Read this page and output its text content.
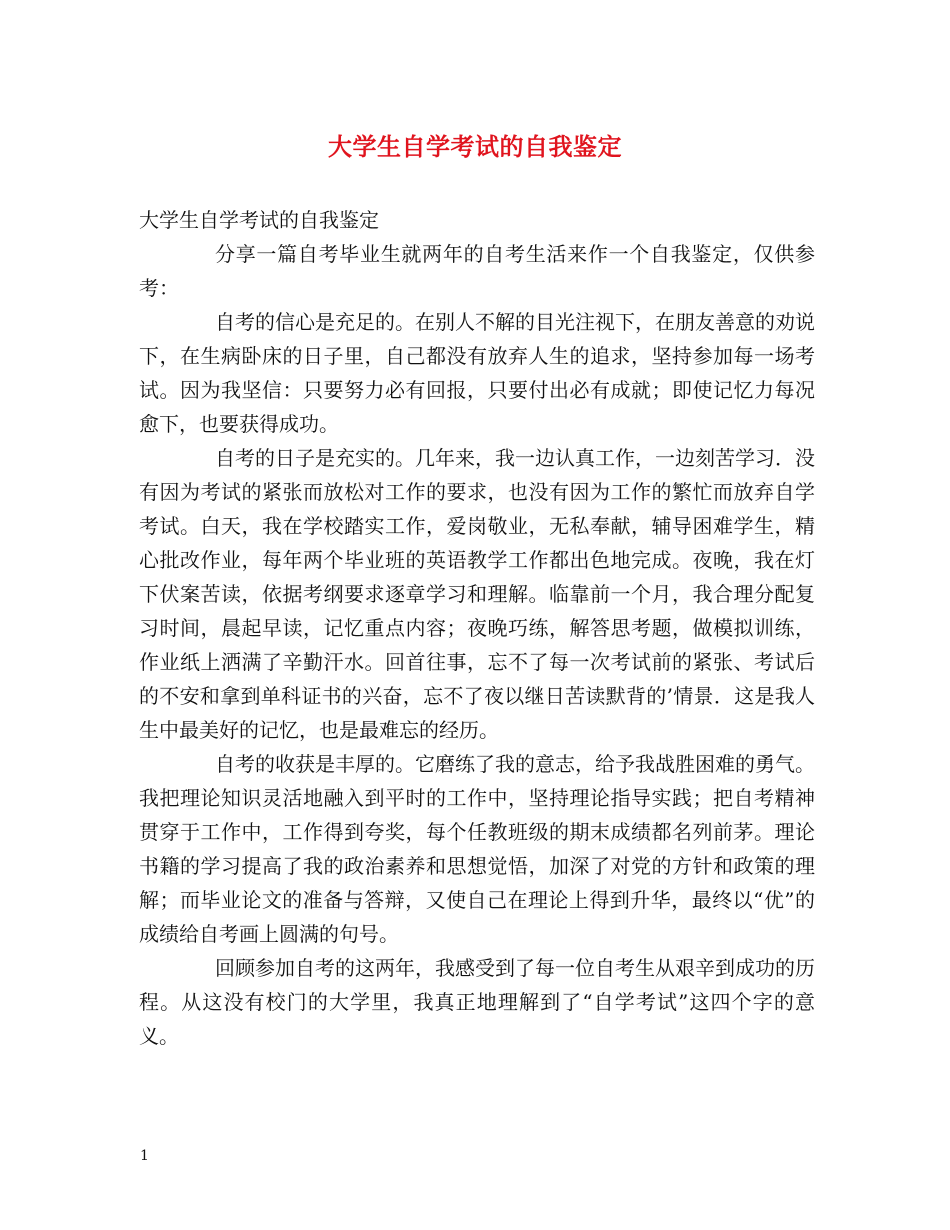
大学生自学考试的自我鉴定

大学生自学考试的自我鉴定

分享一篇自考毕业生就两年的自考生活来作一个自我鉴定，仅供参考：

自考的信心是充足的。在别人不解的目光注视下，在朋友善意的劝说下，在生病卧床的日子里，自己都没有放弃人生的追求，坚持参加每一场考试。因为我坚信：只要努力必有回报，只要付出必有成就；即使记忆力每况愈下，也要获得成功。

自考的日子是充实的。几年来，我一边认真工作，一边刻苦学习．没有因为考试的紧张而放松对工作的要求，也没有因为工作的繁忙而放弃自学考试。白天，我在学校踏实工作，爱岗敬业，无私奉献，辅导困难学生，精心批改作业，每年两个毕业班的英语教学工作都出色地完成。夜晚，我在灯下伏案苦读，依据考纲要求逐章学习和理解。临靠前一个月，我合理分配复习时间，晨起早读，记忆重点内容；夜晚巧练，解答思考题，做模拟训练，作业纸上洒满了辛勤汗水。回首往事，忘不了每一次考试前的紧张、考试后的不安和拿到单科证书的兴奋，忘不了夜以继日苦读默背的’情景．这是我人生中最美好的记忆，也是最难忘的经历。

自考的收获是丰厚的。它磨练了我的意志，给予我战胜困难的勇气。我把理论知识灵活地融入到平时的工作中，坚持理论指导实践；把自考精神贯穿于工作中，工作得到夸奖，每个任教班级的期末成绩都名列前茅。理论书籍的学习提高了我的政治素养和思想觉悟，加深了对党的方针和政策的理解；而毕业论文的准备与答辩，又使自己在理论上得到升华，最终以“优”的成绩给自考画上圆满的句号。

回顾参加自考的这两年，我感受到了每一位自考生从艰辛到成功的历程。从这没有校门的大学里，我真正地理解到了“自学考试”这四个字的意义。

1
